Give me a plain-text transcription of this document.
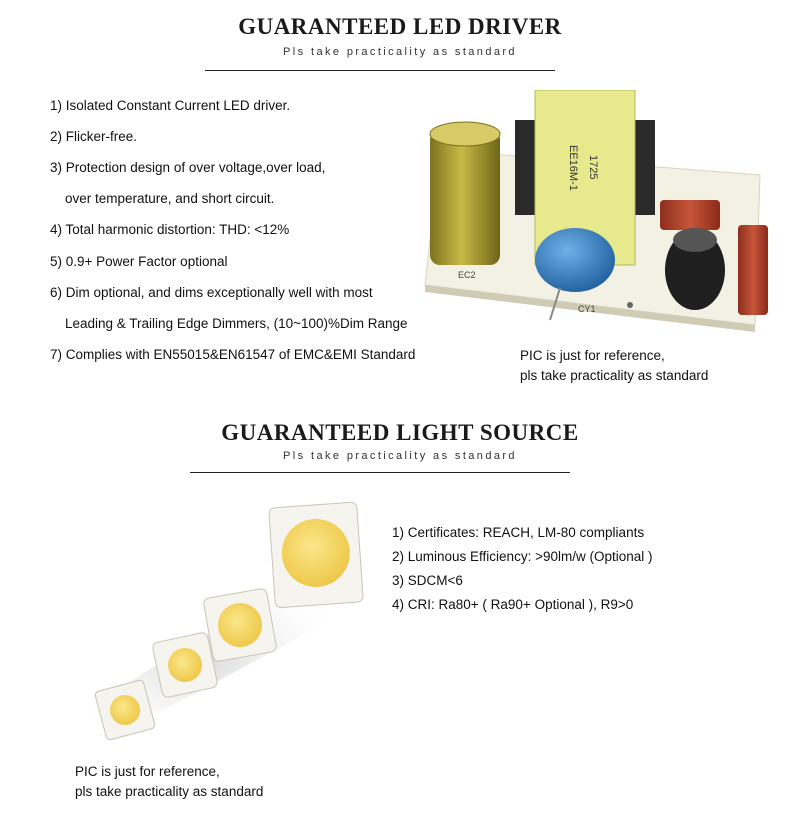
GUARANTEED LED DRIVER
Pls take practicality as standard
1) Isolated Constant Current LED driver.
2) Flicker-free.
3) Protection design of over voltage,over load,
over temperature, and short circuit.
4) Total harmonic distortion: THD: <12%
5) 0.9+ Power Factor optional
6) Dim optional, and dims exceptionally well with most
Leading & Trailing Edge Dimmers, (10~100)%Dim Range
7) Complies with EN55015&EN61547 of EMC&EMI Standard
EC2
EE16M-1 1725
CY1
PIC is just for reference,
pls take practicality as standard
GUARANTEED LIGHT SOURCE
Pls take practicality as standard
1) Certificates: REACH, LM-80 compliants
2) Luminous Efficiency: >90lm/w (Optional )
3) SDCM<6
4) CRI: Ra80+ ( Ra90+ Optional ), R9>0
PIC is just for reference,
pls take practicality as standard
